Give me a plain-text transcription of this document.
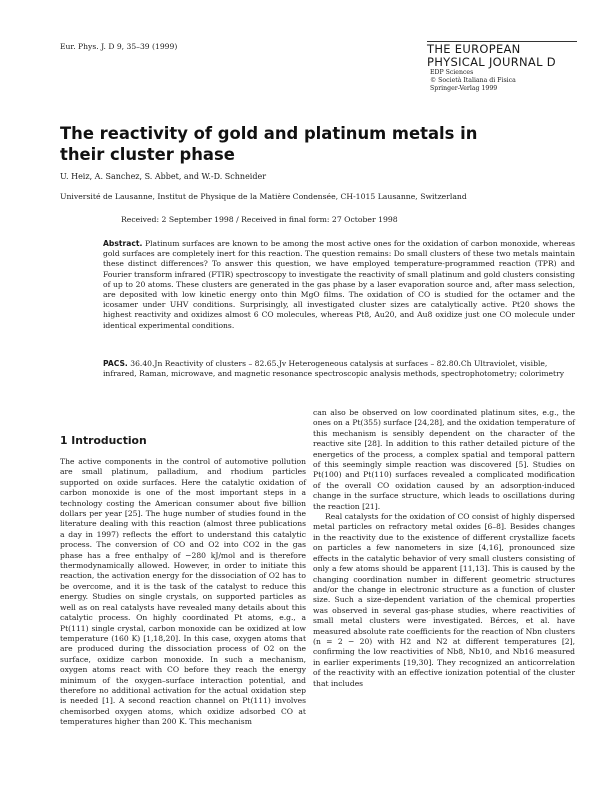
Eur. Phys. J. D 9, 35–39 (1999)	THE EUROPEAN
PHYSICAL JOURNAL D
EDP Sciences
© Società Italiana di Fisica
Springer-Verlag 1999
The reactivity of gold and platinum metals in their cluster phase
U. Heiz, A. Sanchez, S. Abbet, and W.-D. Schneider
Université de Lausanne, Institut de Physique de la Matière Condensée, CH-1015 Lausanne, Switzerland
Received: 2 September 1998 / Received in final form: 27 October 1998
Abstract. Platinum surfaces are known to be among the most active ones for the oxidation of carbon monoxide, whereas gold surfaces are completely inert for this reaction. The question remains: Do small clusters of these two metals maintain these distinct differences? To answer this question, we have employed temperature-programmed reaction (TPR) and Fourier transform infrared (FTIR) spectroscopy to investigate the reactivity of small platinum and gold clusters consisting of up to 20 atoms. These clusters are generated in the gas phase by a laser evaporation source and, after mass selection, are deposited with low kinetic energy onto thin MgO films. The oxidation of CO is studied for the octamer and the icosamer under UHV conditions. Surprisingly, all investigated cluster sizes are catalytically active. Pt20 shows the highest reactivity and oxidizes almost 6 CO molecules, whereas Pt8, Au20, and Au8 oxidize just one CO molecule under identical experimental conditions.
PACS. 36.40.Jn Reactivity of clusters – 82.65.Jv Heterogeneous catalysis at surfaces – 82.80.Ch Ultraviolet, visible, infrared, Raman, microwave, and magnetic resonance spectroscopic analysis methods, spectrophotometry; colorimetry
1 Introduction

The active components in the control of automotive pollution are small platinum, palladium, and rhodium particles supported on oxide surfaces. Here the catalytic oxidation of carbon monoxide is one of the most important steps in a technology costing the American consumer about five billion dollars per year [25]. The huge number of studies found in the literature dealing with this reaction (almost three publications a day in 1997) reflects the effort to understand this catalytic process. The conversion of CO and O2 into CO2 in the gas phase has a free enthalpy of −280 kJ/mol and is therefore thermodynamically allowed. However, in order to initiate this reaction, the activation energy for the dissociation of O2 has to be overcome, and it is the task of the catalyst to reduce this energy. Studies on single crystals, on supported particles as well as on real catalysts have revealed many details about this catalytic process. On highly coordinated Pt atoms, e.g., a Pt(111) single crystal, carbon monoxide can be oxidized at low temperature (160 K) [1,18,20]. In this case, oxygen atoms that are produced during the dissociation process of O2 on the surface, oxidize carbon monoxide. In such a mechanism, oxygen atoms react with CO before they reach the energy minimum of the oxygen–surface interaction potential, and therefore no additional activation for the actual oxidation step is needed [1]. A second reaction channel on Pt(111) involves chemisorbed oxygen atoms, which oxidize adsorbed CO at temperatures higher than 200 K. This mechanism

can also be observed on low coordinated platinum sites, e.g., the ones on a Pt(355) surface [24,28], and the oxidation temperature of this mechanism is sensibly dependent on the character of the reactive site [28]. In addition to this rather detailed picture of the energetics of the process, a complex spatial and temporal pattern of this seemingly simple reaction was discovered [5]. Studies on Pt(100) and Pt(110) surfaces revealed a complicated modification of the overall CO oxidation caused by an adsorption-induced change in the surface structure, which leads to oscillations during the reaction [21].

Real catalysts for the oxidation of CO consist of highly dispersed metal particles on refractory metal oxides [6–8]. Besides changes in the reactivity due to the existence of different crystallize facets on particles a few nanometers in size [4,16], pronounced size effects in the catalytic behavior of very small clusters consisting of only a few atoms should be apparent [11,13]. This is caused by the changing coordination number in different geometric structures and/or the change in electronic structure as a function of cluster size. Such a size-dependent variation of the chemical properties was observed in several gas-phase studies, where reactivities of small metal clusters were investigated. Bérces, et al. have measured absolute rate coefficients for the reaction of Nbn clusters (n = 2 − 20) with H2 and N2 at different temperatures [2], confirming the low reactivities of Nb8, Nb10, and Nb16 measured in earlier experiments [19,30]. They recognized an anticorrelation of the reactivity with an effective ionization potential of the cluster that includes
